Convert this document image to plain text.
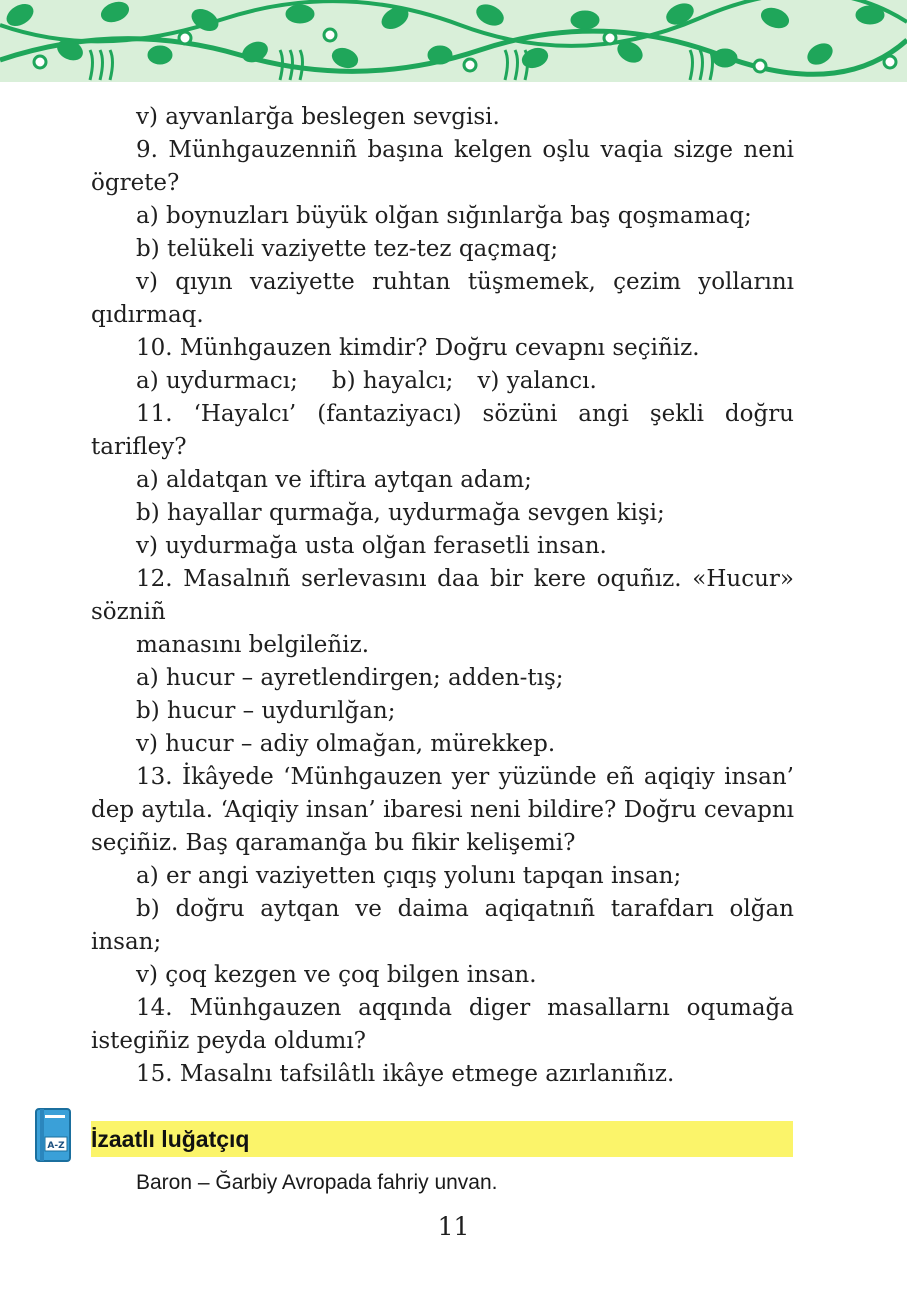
v) ayvanlarğa beslegen sevgisi.

9. Münhgauzenniñ başına kelgen oşlu vaqia sizge neni ögrete?

a) boynuzları büyük olğan sığınlarğa baş qoşmamaq;

b) telükeli vaziyette tez-tez qaçmaq;

v) qıyın vaziyette ruhtan tüşmemek, çezim yollarını qıdırmaq.

10. Münhgauzen kimdir? Doğru cevapnı seçiñiz.

a) uydurmacı; b) hayalcı; v) yalancı.

11. ‘Hayalcı’ (fantaziyacı) sözüni angi şekli doğru tarifley?

a) aldatqan ve iftira aytqan adam;

b) hayallar qurmağa, uydurmağa sevgen kişi;

v) uydurmağa usta olğan ferasetli insan.

12. Masalnıñ serlevasını daa bir kere oquñız. «Hucur» sözniñ

manasını belgileñiz.

a) hucur – ayretlendirgen; adden-tış;

b) hucur – uydurılğan;

v) hucur – adiy olmağan, mürekkep.

13. İkâyede ‘Münhgauzen yer yüzünde eñ aqiqiy insan’ dep aytıla. ‘Aqiqiy insan’ ibaresi neni bildire? Doğru cevapnı seçiñiz. Baş qaramanğa bu fikir kelişemi?

a) er angi vaziyetten çıqış yolunı tapqan insan;

b) doğru aytqan ve daima aqiqatnıñ tarafdarı olğan insan;

v) çoq kezgen ve çoq bilgen insan.

14. Münhgauzen aqqında diger masallarnı oqumağa istegiñiz peyda oldumı?

15. Masalnı tafsilâtlı ikâye etmege azırlanıñız.

A-Z İzaatlı luğatçıq
Baron – Ğarbiy Avropada fahriy unvan.
11
